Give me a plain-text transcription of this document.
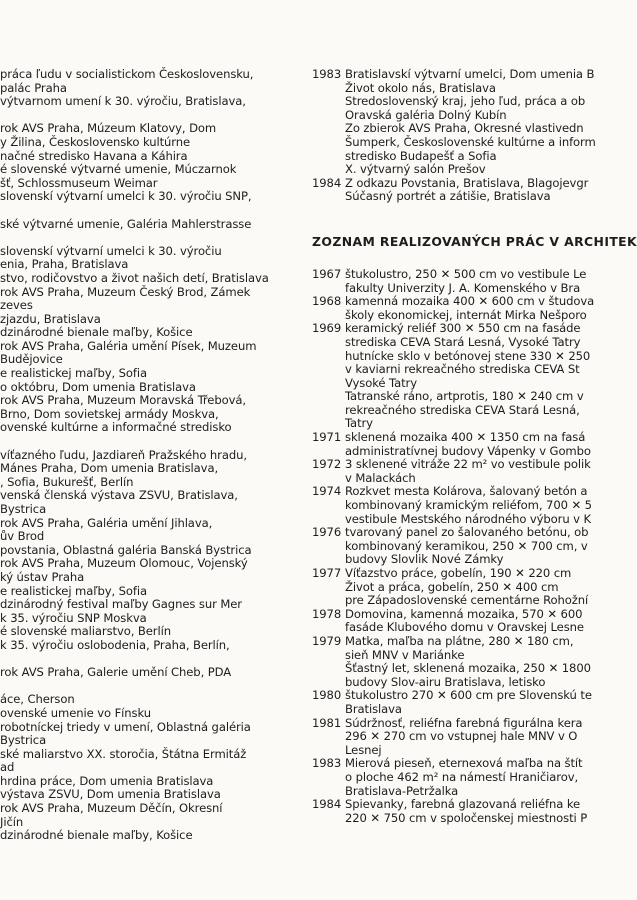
práca ľudu v socialistickom Československu,
palác Praha
výtvarnom umení k 30. výročiu, Bratislava,
rok AVS Praha, Múzeum Klatovy, Dom
y Žilina, Československo kultúrne
načné stredisko Havana a Káhira
é slovenské výtvarné umenie, Múczarnok
šť, Schlossmuseum Weimar
slovenskí výtvarní umelci k 30. výročiu SNP,
ské výtvarné umenie, Galéria Mahlerstrasse
slovenskí výtvarní umelci k 30. výročiu
enia, Praha, Bratislava
stvo, rodičovstvo a život našich detí, Bratislava
rok AVS Praha, Muzeum Český Brod, Zámek
zeves
zjazdu, Bratislava
dzinárodné bienale maľby, Košice
rok AVS Praha, Galéria umění Písek, Muzeum
Budějovice
e realistickej maľby, Sofia
o októbru, Dom umenia Bratislava
rok AVS Praha, Muzeum Moravská Třebová,
Brno, Dom sovietskej armády Moskva,
ovenské kultúrne a informačné stredisko
víťazného ľudu, Jazdiareň Pražského hradu,
Mánes Praha, Dom umenia Bratislava,
, Sofia, Bukurešť, Berlín
venská členská výstava ZSVU, Bratislava,
Bystrica
rok AVS Praha, Galéria umění Jihlava,
ův Brod
povstania, Oblastná galéria Banská Bystrica
rok AVS Praha, Muzeum Olomouc, Vojenský
ký ústav Praha
e realistickej maľby, Sofia
dzinárodný festival maľby Gagnes sur Mer
k 35. výročiu SNP Moskva
é slovenské maliarstvo, Berlín
k 35. výročiu oslobodenia, Praha, Berlín,
rok AVS Praha, Galerie umění Cheb, PDA
áce, Cherson
ovenské umenie vo Fínsku
robotníckej triedy v umení, Oblastná galéria
Bystrica
ské maliarstvo XX. storočia, Štátna Ermitáž
ad
hrdina práce, Dom umenia Bratislava
výstava ZSVU, Dom umenia Bratislava
rok AVS Praha, Muzeum Děčín, Okresní
Jičín
dzinárodné bienale maľby, Košice
1983 Bratislavskí výtvarní umelci, Dom umenia B
Život okolo nás, Bratislava
Stredoslovenský kraj, jeho ľud, práca a ob
Oravská galéria Dolný Kubín
Zo zbierok AVS Praha, Okresné vlastivedn
Šumperk, Československé kultúrne a inform
stredisko Budapešť a Sofia
X. výtvarný salón Prešov
1984 Z odkazu Povstania, Bratislava, Blagojevgr
Súčasný portrét a zátišie, Bratislava
ZOZNAM REALIZOVANÝCH PRÁC V ARCHITEK
1967 štukolustro, 250 ✕ 500 cm vo vestibule Le
fakulty Univerzity J. A. Komenského v Bra
1968 kamenná mozaika 400 ✕ 600 cm v študova
školy ekonomickej, internát Mirka Nešporo
1969 keramický reliéf 300 ✕ 550 cm na fasáde
strediska CEVA Stará Lesná, Vysoké Tatry
hutnícke sklo v betónovej stene 330 ✕ 250
v kaviarni rekreačného strediska CEVA St
Vysoké Tatry
Tatranské ráno, artprotis, 180 ✕ 240 cm v
rekreačného strediska CEVA Stará Lesná,
Tatry
1971 sklenená mozaika 400 ✕ 1350 cm na fasá
administratívnej budovy Vápenky v Gombo
1972 3 sklenené vitráže 22 m² vo vestibule polik
v Malackách
1974 Rozkvet mesta Kolárova, šalovaný betón a
kombinovaný kramickým reliéfom, 700 ✕ 5
vestibule Mestského národného výboru v K
1976 tvarovaný panel zo šalovaného betónu, ob
kombinovaný keramikou, 250 ✕ 700 cm, v
budovy Slovlik Nové Zámky
1977 Víťazstvo práce, gobelín, 190 ✕ 220 cm
Život a práca, gobelín, 250 ✕ 400 cm
pre Západoslovenské cementárne Rohožní
1978 Domovina, kamenná mozaika, 570 ✕ 600
fasáde Klubového domu v Oravskej Lesne
1979 Matka, maľba na plátne, 280 ✕ 180 cm,
sieň MNV v Mariánke
Šťastný let, sklenená mozaika, 250 ✕ 1800
budovy Slov-airu Bratislava, letisko
1980 štukolustro 270 ✕ 600 cm pre Slovenskú te
Bratislava
1981 Súdržnosť, reliéfna farebná figurálna kera
296 ✕ 270 cm vo vstupnej hale MNV v O
Lesnej
1983 Mierová pieseň, eternexová maľba na štít
o ploche 462 m² na námestí Hraničiarov,
Bratislava-Petržalka
1984 Spievanky, farebná glazovaná reliéfna ke
220 ✕ 750 cm v spoločenskej miestnosti P
